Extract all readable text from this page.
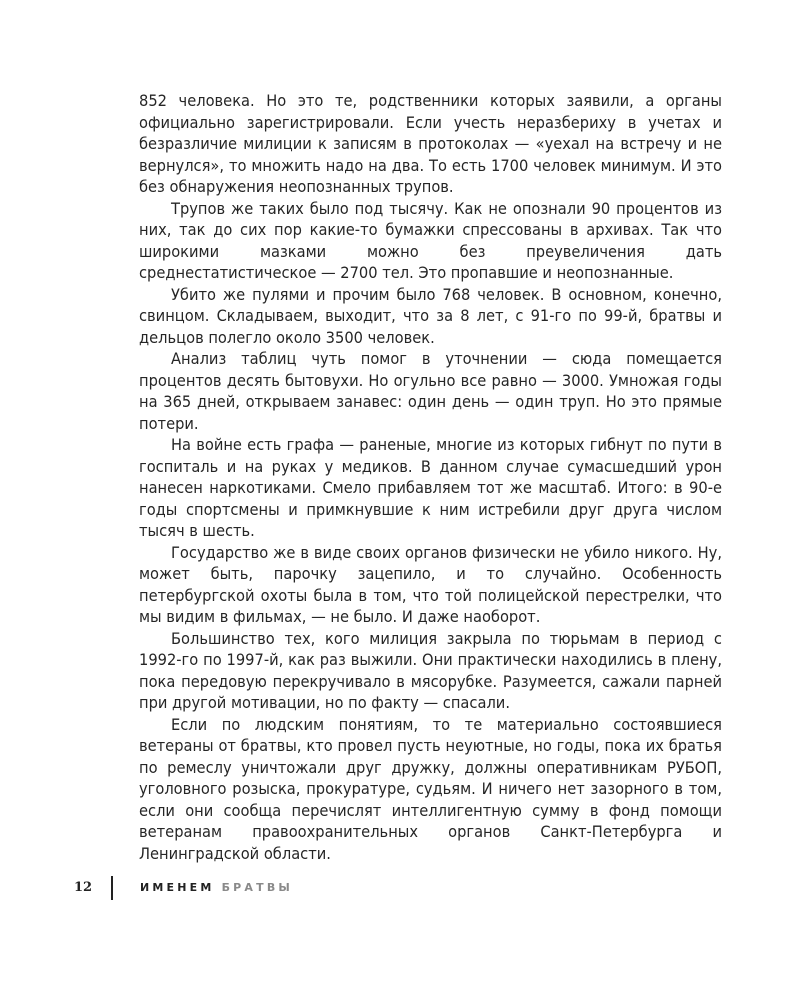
852 человека. Но это те, родственники которых заявили, а органы официально зарегистрировали. Если учесть неразбериху в учетах и безразличие милиции к записям в протоколах — «уехал на встречу и не вернулся», то множить надо на два. То есть 1700 человек минимум. И это без обнаружения неопознанных трупов.

Трупов же таких было под тысячу. Как не опознали 90 процентов из них, так до сих пор какие-то бумажки спрессованы в архивах. Так что широкими мазками можно без преувеличения дать среднестатистическое — 2700 тел. Это пропавшие и неопознанные.

Убито же пулями и прочим было 768 человек. В основном, конечно, свинцом. Складываем, выходит, что за 8 лет, с 91-го по 99-й, братвы и дельцов полегло около 3500 человек.

Анализ таблиц чуть помог в уточнении — сюда помещается процентов десять бытовухи. Но огульно все равно — 3000. Умножая годы на 365 дней, открываем занавес: один день — один труп. Но это прямые потери.

На войне есть графа — раненые, многие из которых гибнут по пути в госпиталь и на руках у медиков. В данном случае сумасшедший урон нанесен наркотиками. Смело прибавляем тот же масштаб. Итого: в 90-е годы спортсмены и примкнувшие к ним истребили друг друга числом тысяч в шесть.

Государство же в виде своих органов физически не убило никого. Ну, может быть, парочку зацепило, и то случайно. Особенность петербургской охоты была в том, что той полицейской перестрелки, что мы видим в фильмах, — не было. И даже наоборот.

Большинство тех, кого милиция закрыла по тюрьмам в период с 1992-го по 1997-й, как раз выжили. Они практически находились в плену, пока передовую перекручивало в мясорубке. Разумеется, сажали парней при другой мотивации, но по факту — спасали.

Если по людским понятиям, то те материально состоявшиеся ветераны от братвы, кто провел пусть неуютные, но годы, пока их братья по ремеслу уничтожали друг дружку, должны оперативникам РУБОП, уголовного розыска, прокуратуре, судьям. И ничего нет зазорного в том, если они сообща перечислят интеллигентную сумму в фонд помощи ветеранам правоохранительных органов Санкт-Петербурга и Ленинградской области.

12	ИМЕНЕМ БРАТВЫ
